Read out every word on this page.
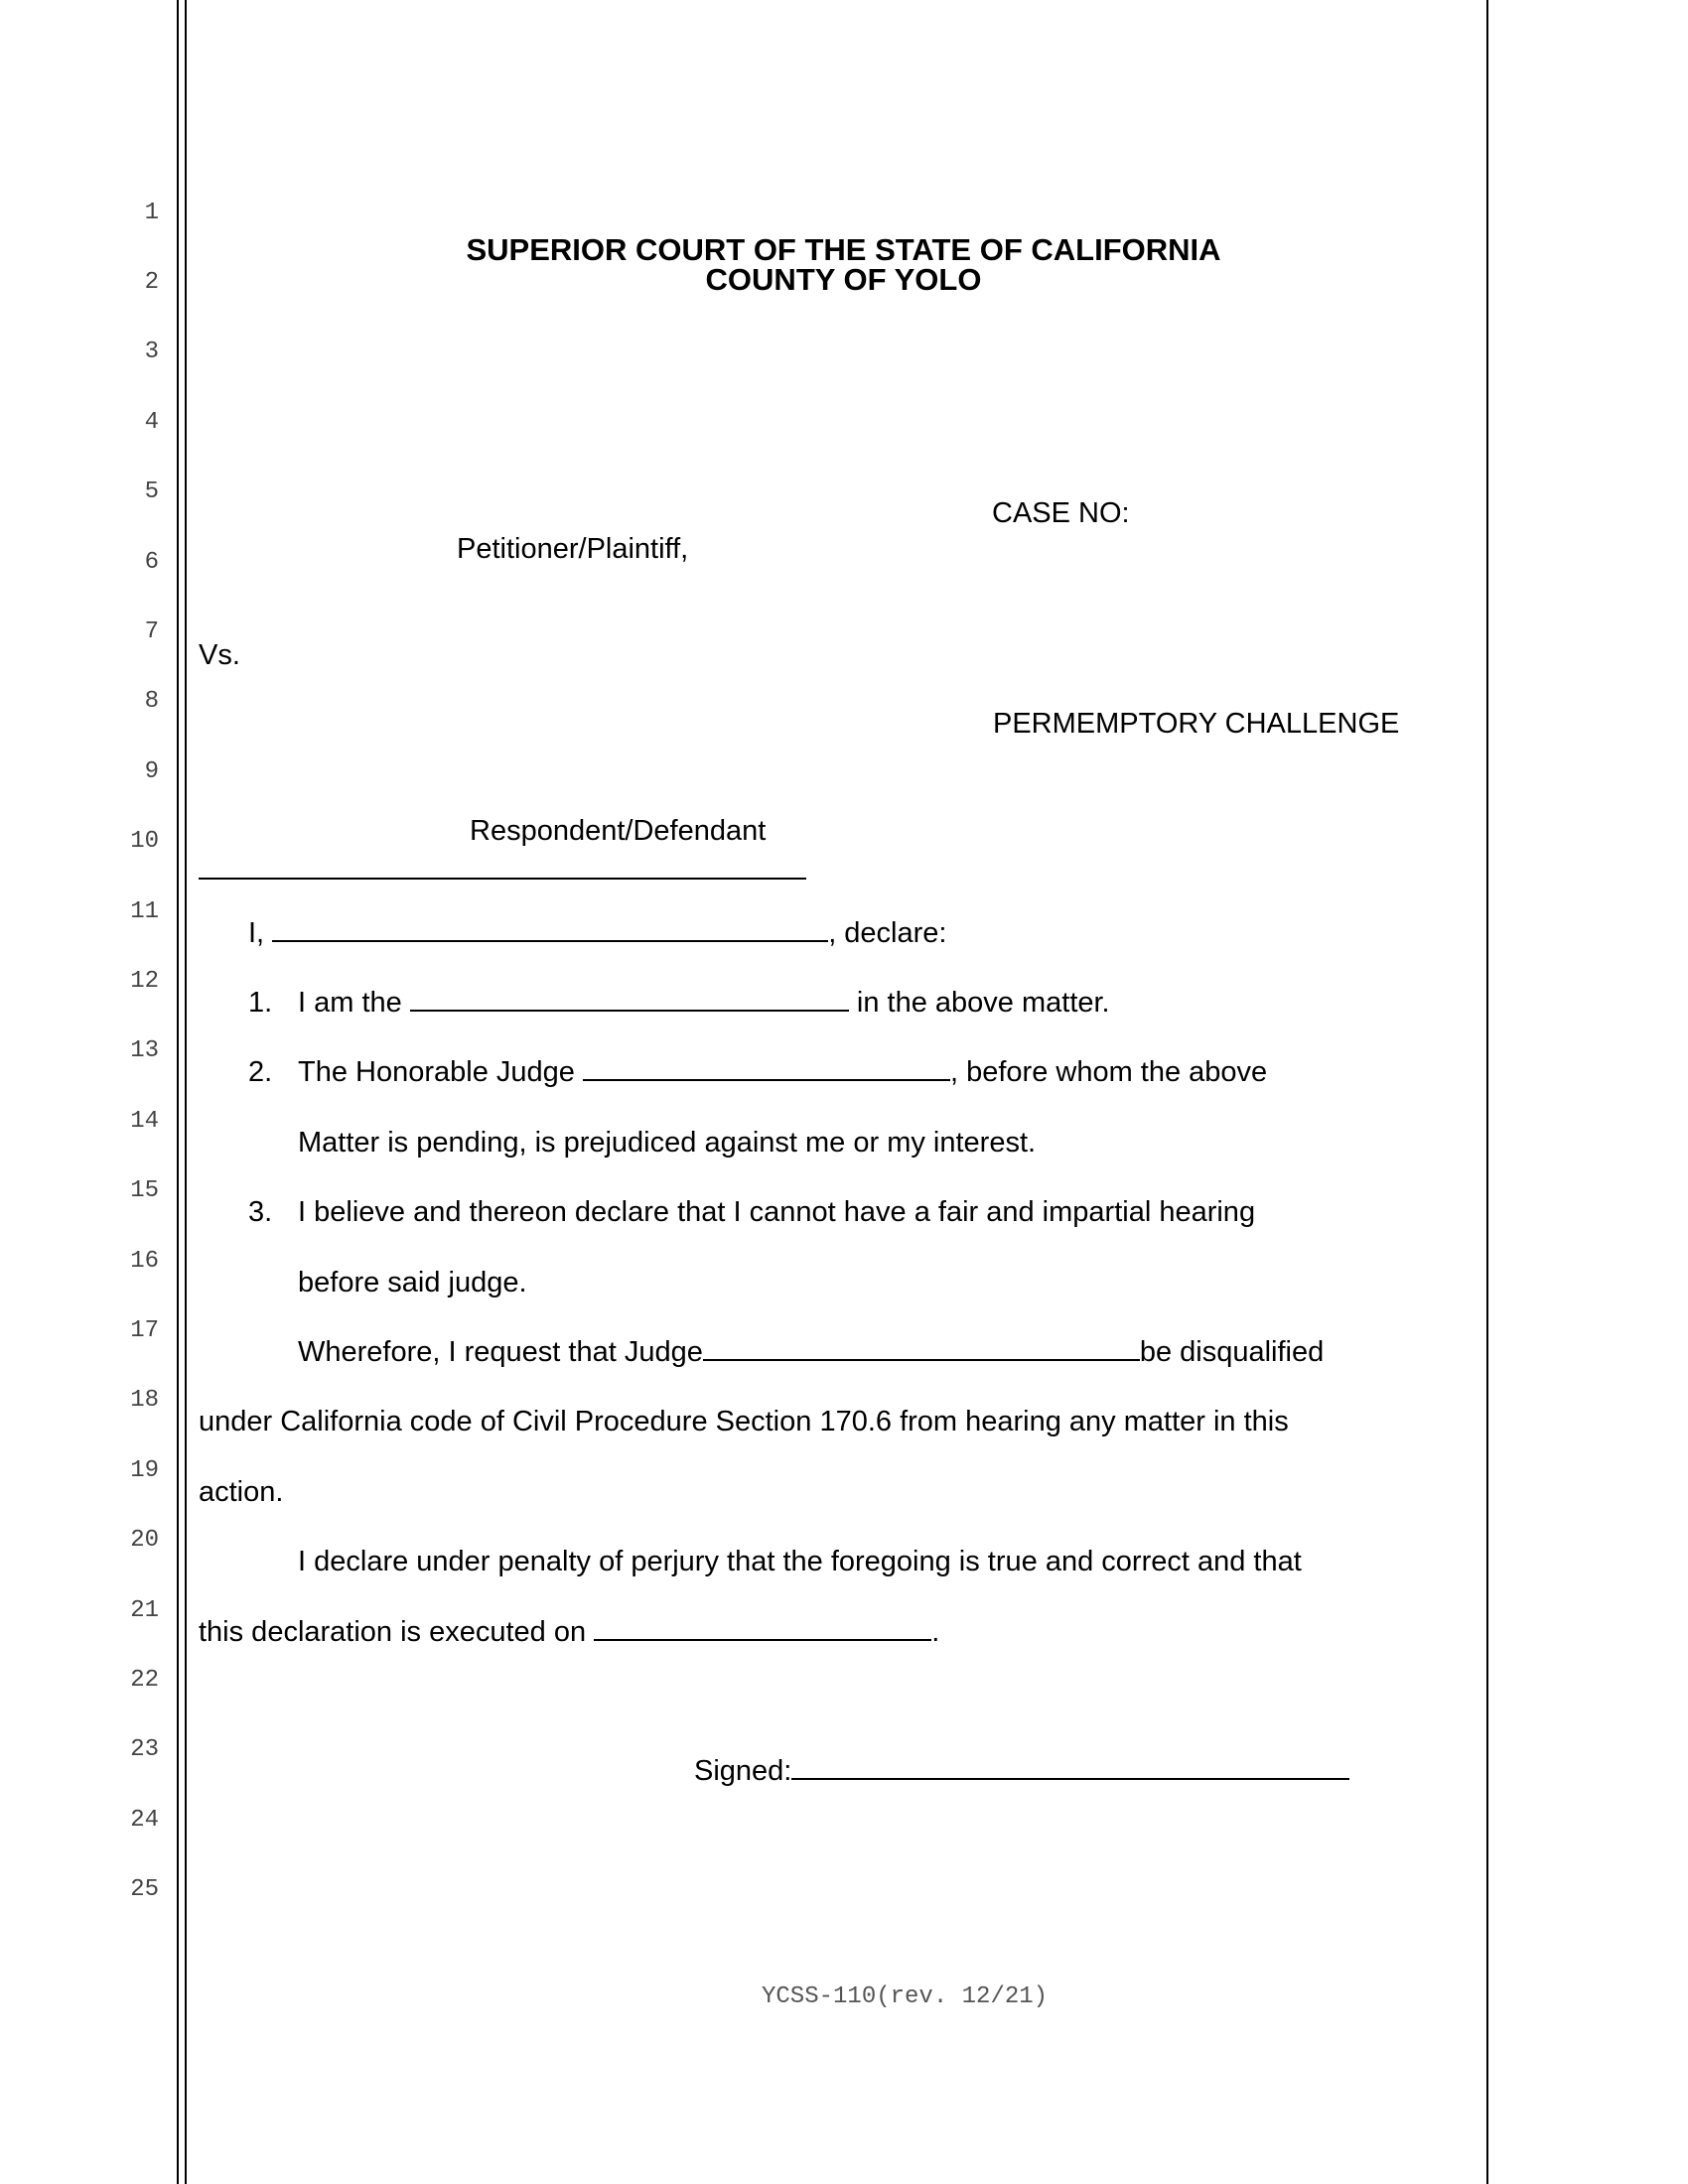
1
2
3
4
5
6
7
8
9
10
11
12
13
14
15
16
17
18
19
20
21
22
23
24
25
SUPERIOR COURT OF THE STATE OF CALIFORNIA
COUNTY OF YOLO
CASE NO:
Petitioner/Plaintiff,
Vs.
PERMEMPTORY CHALLENGE
Respondent/Defendant
I,	, declare:
1. I am the	in the above matter.
2. The Honorable Judge	, before whom the above
Matter is pending, is prejudiced against me or my interest.
3. I believe and thereon declare that I cannot have a fair and impartial hearing
before said judge.
Wherefore, I request that Judge	be disqualified
under California code of Civil Procedure Section 170.6 from hearing any matter in this
action.
I declare under penalty of perjury that the foregoing is true and correct and that
this declaration is executed on	.
Signed:
YCSS-110(rev. 12/21)
